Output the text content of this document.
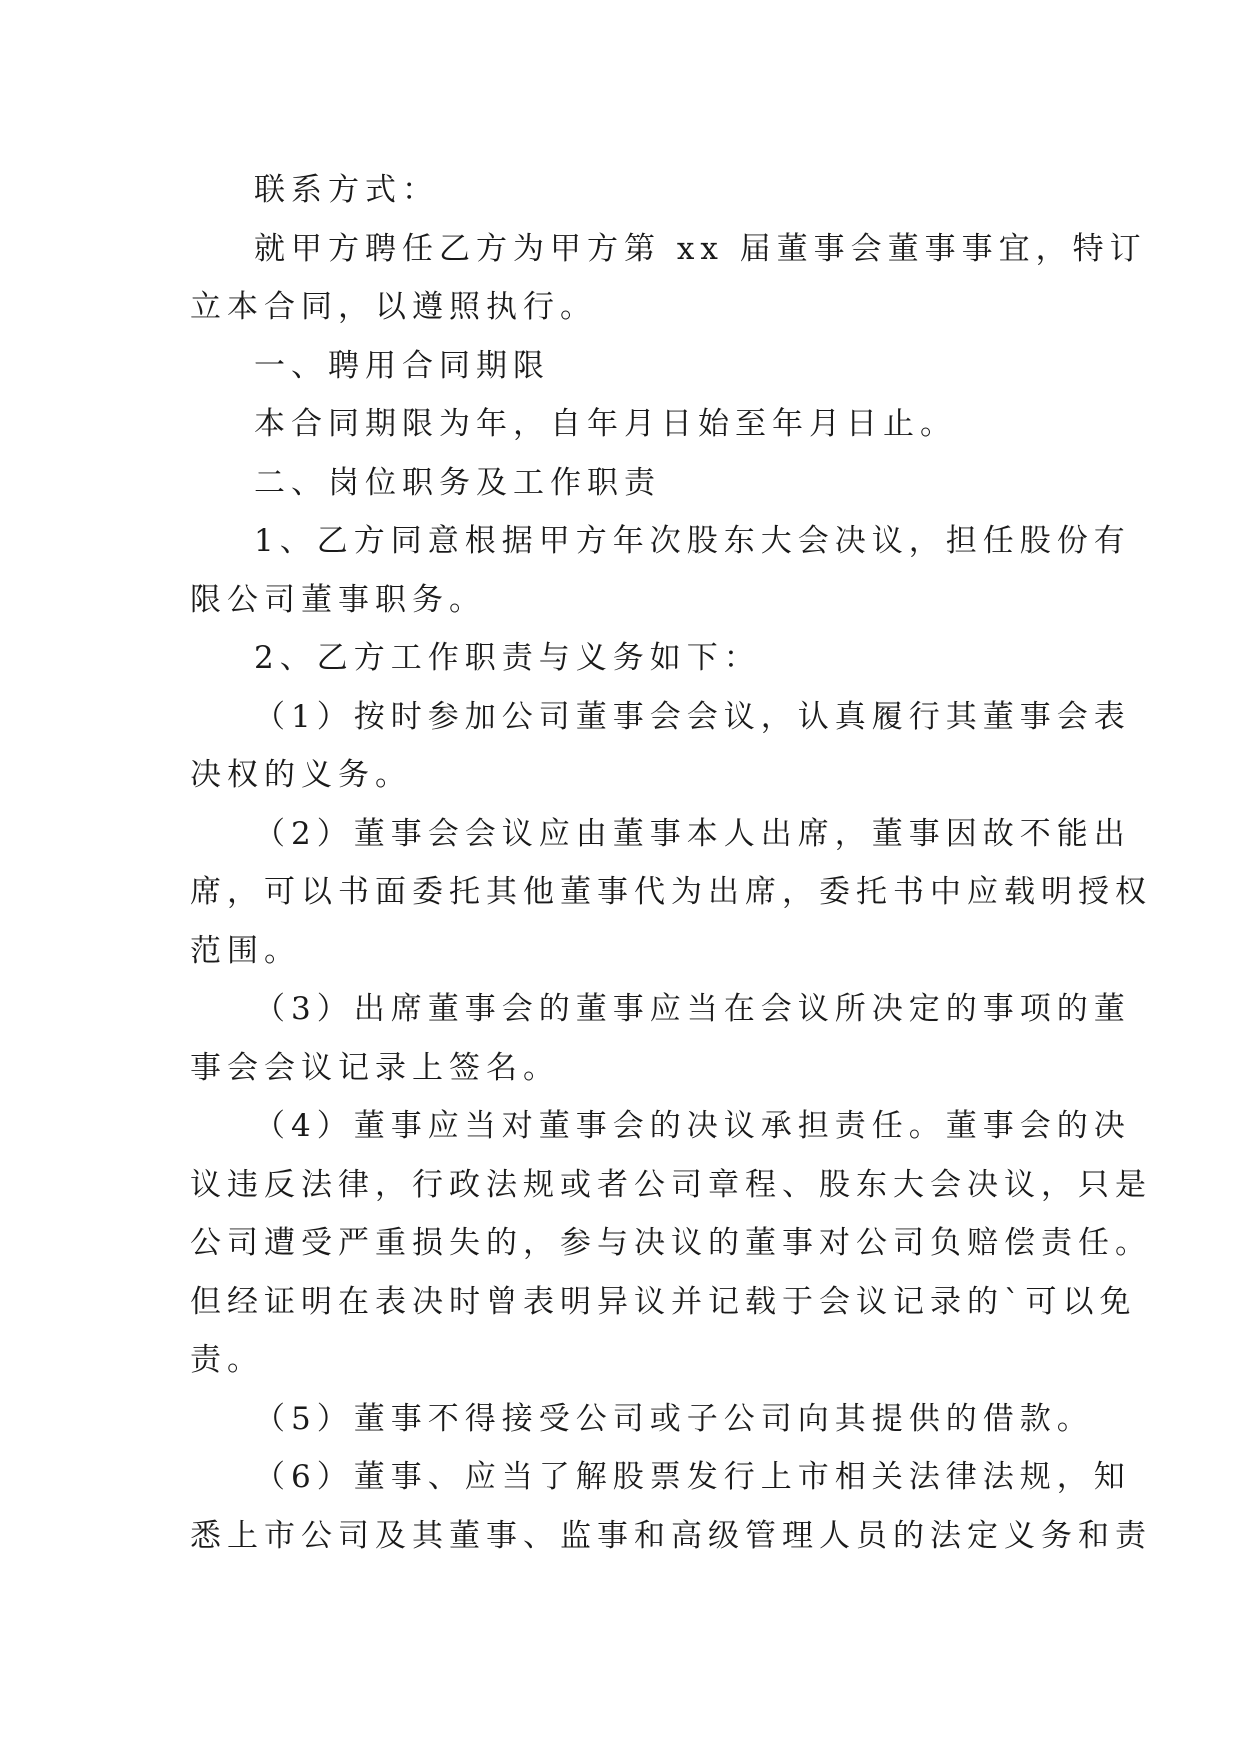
联系方式：
就甲方聘任乙方为甲方第 xx 届董事会董事事宜，特订
立本合同，以遵照执行。
一、聘用合同期限
本合同期限为年，自年月日始至年月日止。
二、岗位职务及工作职责
1、乙方同意根据甲方年次股东大会决议，担任股份有
限公司董事职务。
2、乙方工作职责与义务如下：
（1）按时参加公司董事会会议，认真履行其董事会表
决权的义务。
（2）董事会会议应由董事本人出席，董事因故不能出
席，可以书面委托其他董事代为出席，委托书中应载明授权
范围。
（3）出席董事会的董事应当在会议所决定的事项的董
事会会议记录上签名。
（4）董事应当对董事会的决议承担责任。董事会的决
议违反法律，行政法规或者公司章程、股东大会决议，只是
公司遭受严重损失的，参与决议的董事对公司负赔偿责任。
但经证明在表决时曾表明异议并记载于会议记录的`可以免
责。
（5）董事不得接受公司或子公司向其提供的借款。
（6）董事、应当了解股票发行上市相关法律法规，知
悉上市公司及其董事、监事和高级管理人员的法定义务和责
